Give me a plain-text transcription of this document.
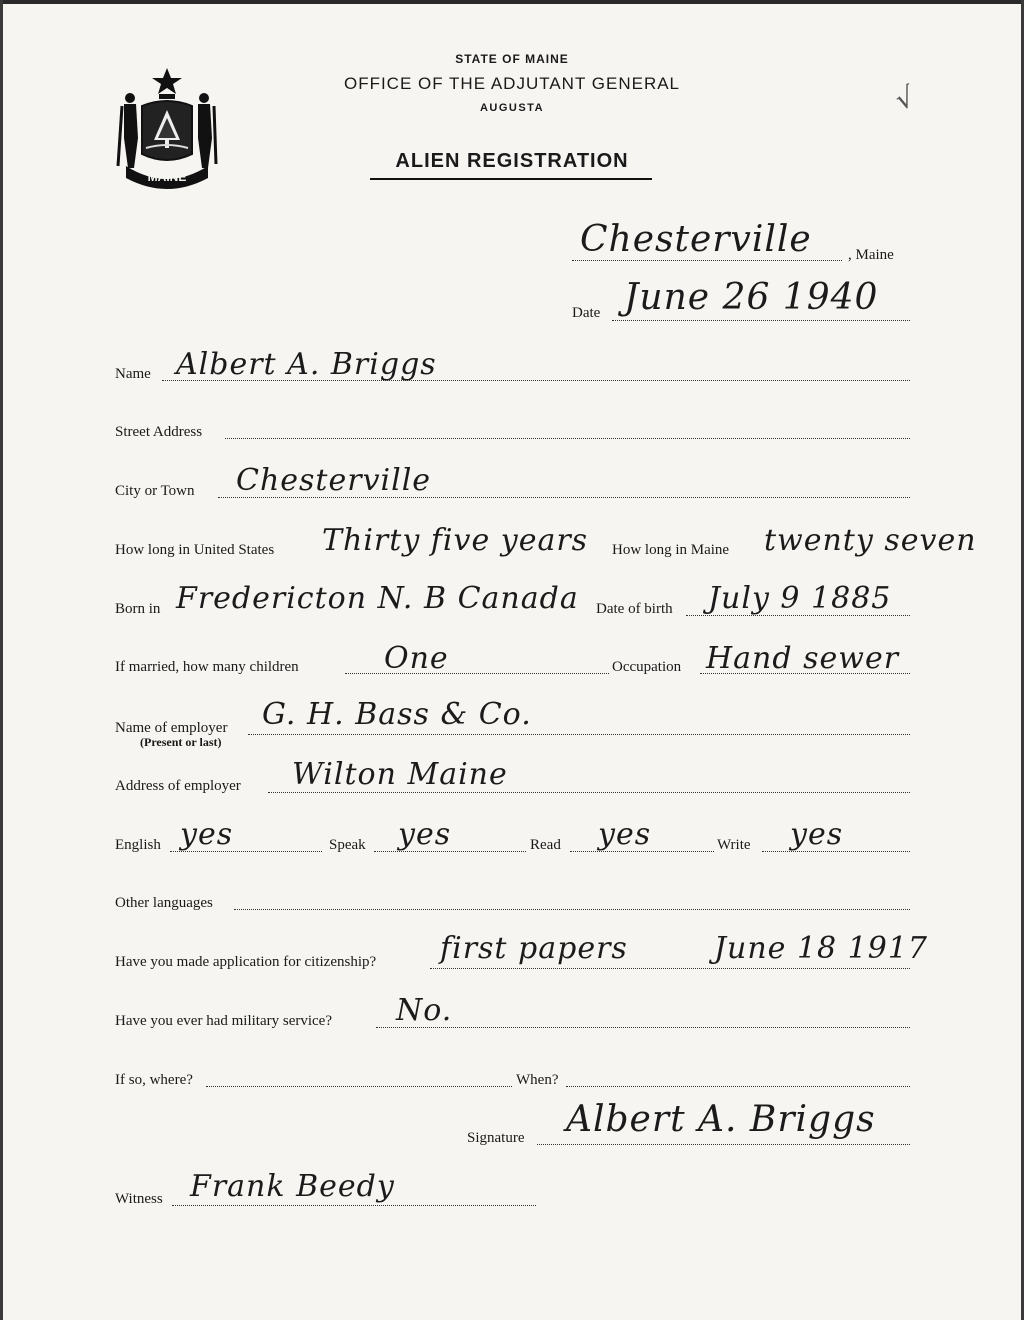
MAINE
STATE OF MAINE
OFFICE OF THE ADJUTANT GENERAL
AUGUSTA
ALIEN REGISTRATION
√
Chesterville , Maine
Date June 26 1940
Name Albert A. Briggs
Street Address
City or Town Chesterville
How long in United States Thirty five years How long in Maine twenty seven
Born in Fredericton N. B Canada Date of birth July 9 1885
If married, how many children	One	Occupation Hand sewer
Name of employer
(Present or last)
G. H. Bass & Co.
Address of employer Wilton Maine
English yes	Speak yes	Read yes	Write yes
Other languages
Have you made application for citizenship? first papers	June 18 1917
Have you ever had military service? No.
If so, where?	When?
Signature Albert A. Briggs
Witness Frank Beedy
